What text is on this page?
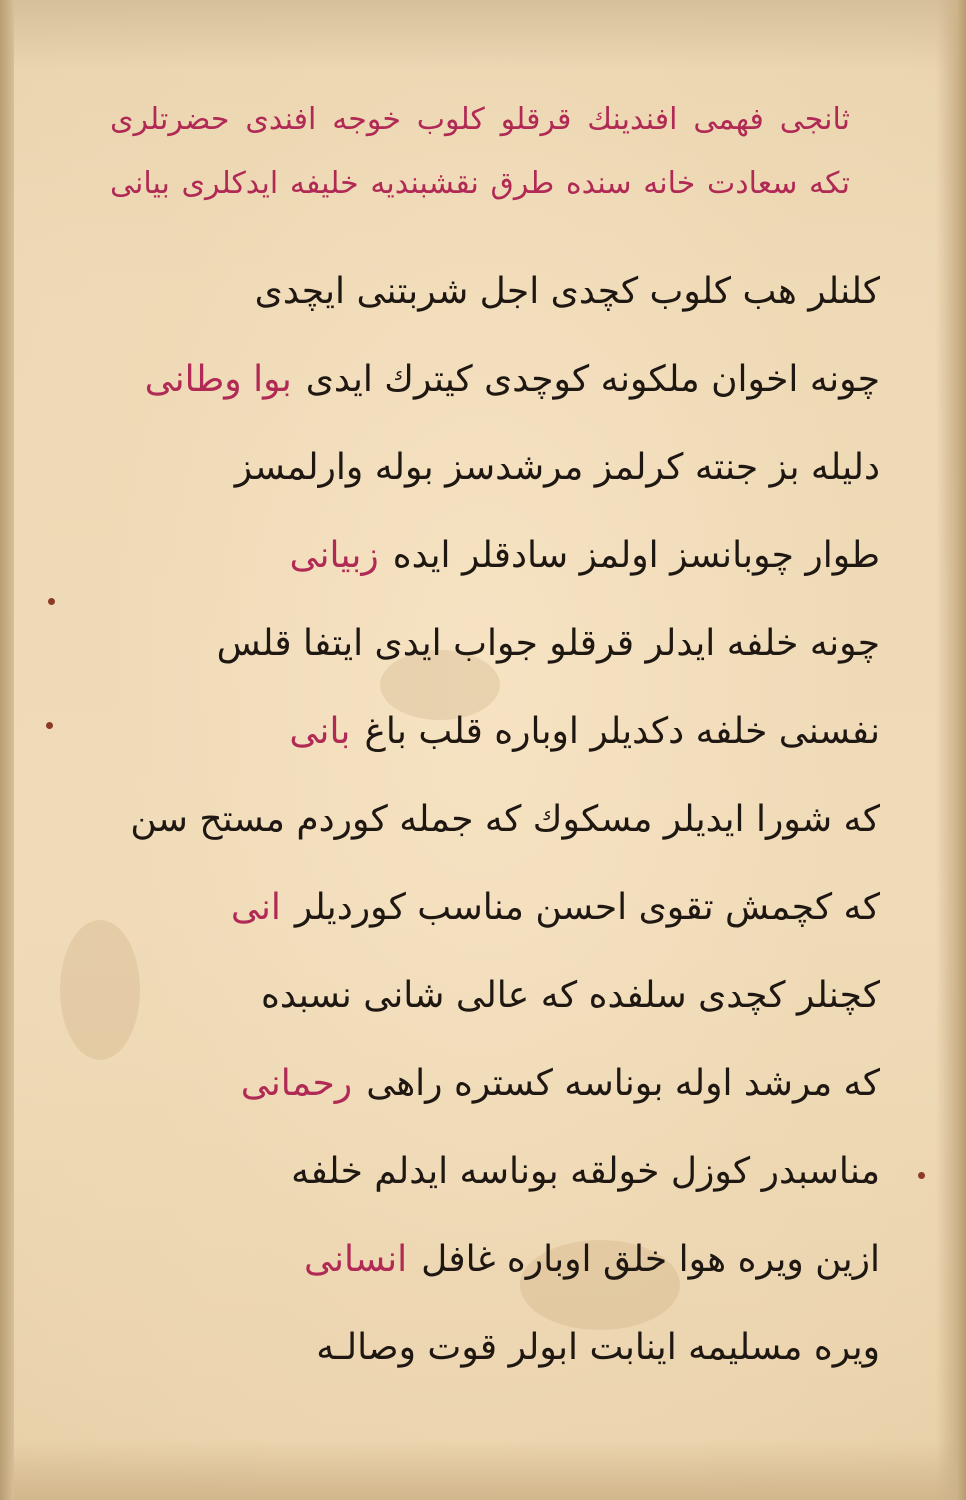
ثانجی فهمی افندینك قرقلو كلوب خوجه افندی حضرتلری
تكه سعادت خانه سنده طرق نقشبندیه خلیفه ایدكلری بیانی
كلنلر هب كلوب كچدی اجل شربتنی ایچدی
چونه اخوان ملكونه كوچدی كیترك ایدیبوا وطانی
دلیله بز جنته كرلمز مرشدسز بوله وارلمسز
طوار چوبانسز اولمز سادقلر ایدهزبیانی
چونه خلفه ایدلر قرقلو جواب ایدی ایتفا قلس
نفسنی خلفه دكدیلر اوباره قلب باغبانی
كه شورا ایدیلر مسكوك كه جمله كوردم مستح سن
كه كچمش تقوی احسن مناسب كوردیلرانی
كچنلر كچدی سلفده كه عالی شانی نسبده
كه مرشد اوله بوناسه كستره راهیرحمانی
مناسبدر كوزل خولقه بوناسه ایدلم خلفه
ازین ویره هوا خلق اوباره غافلانسانی
ویره مسلیمه اینابت ابولر قوت وصالـه
